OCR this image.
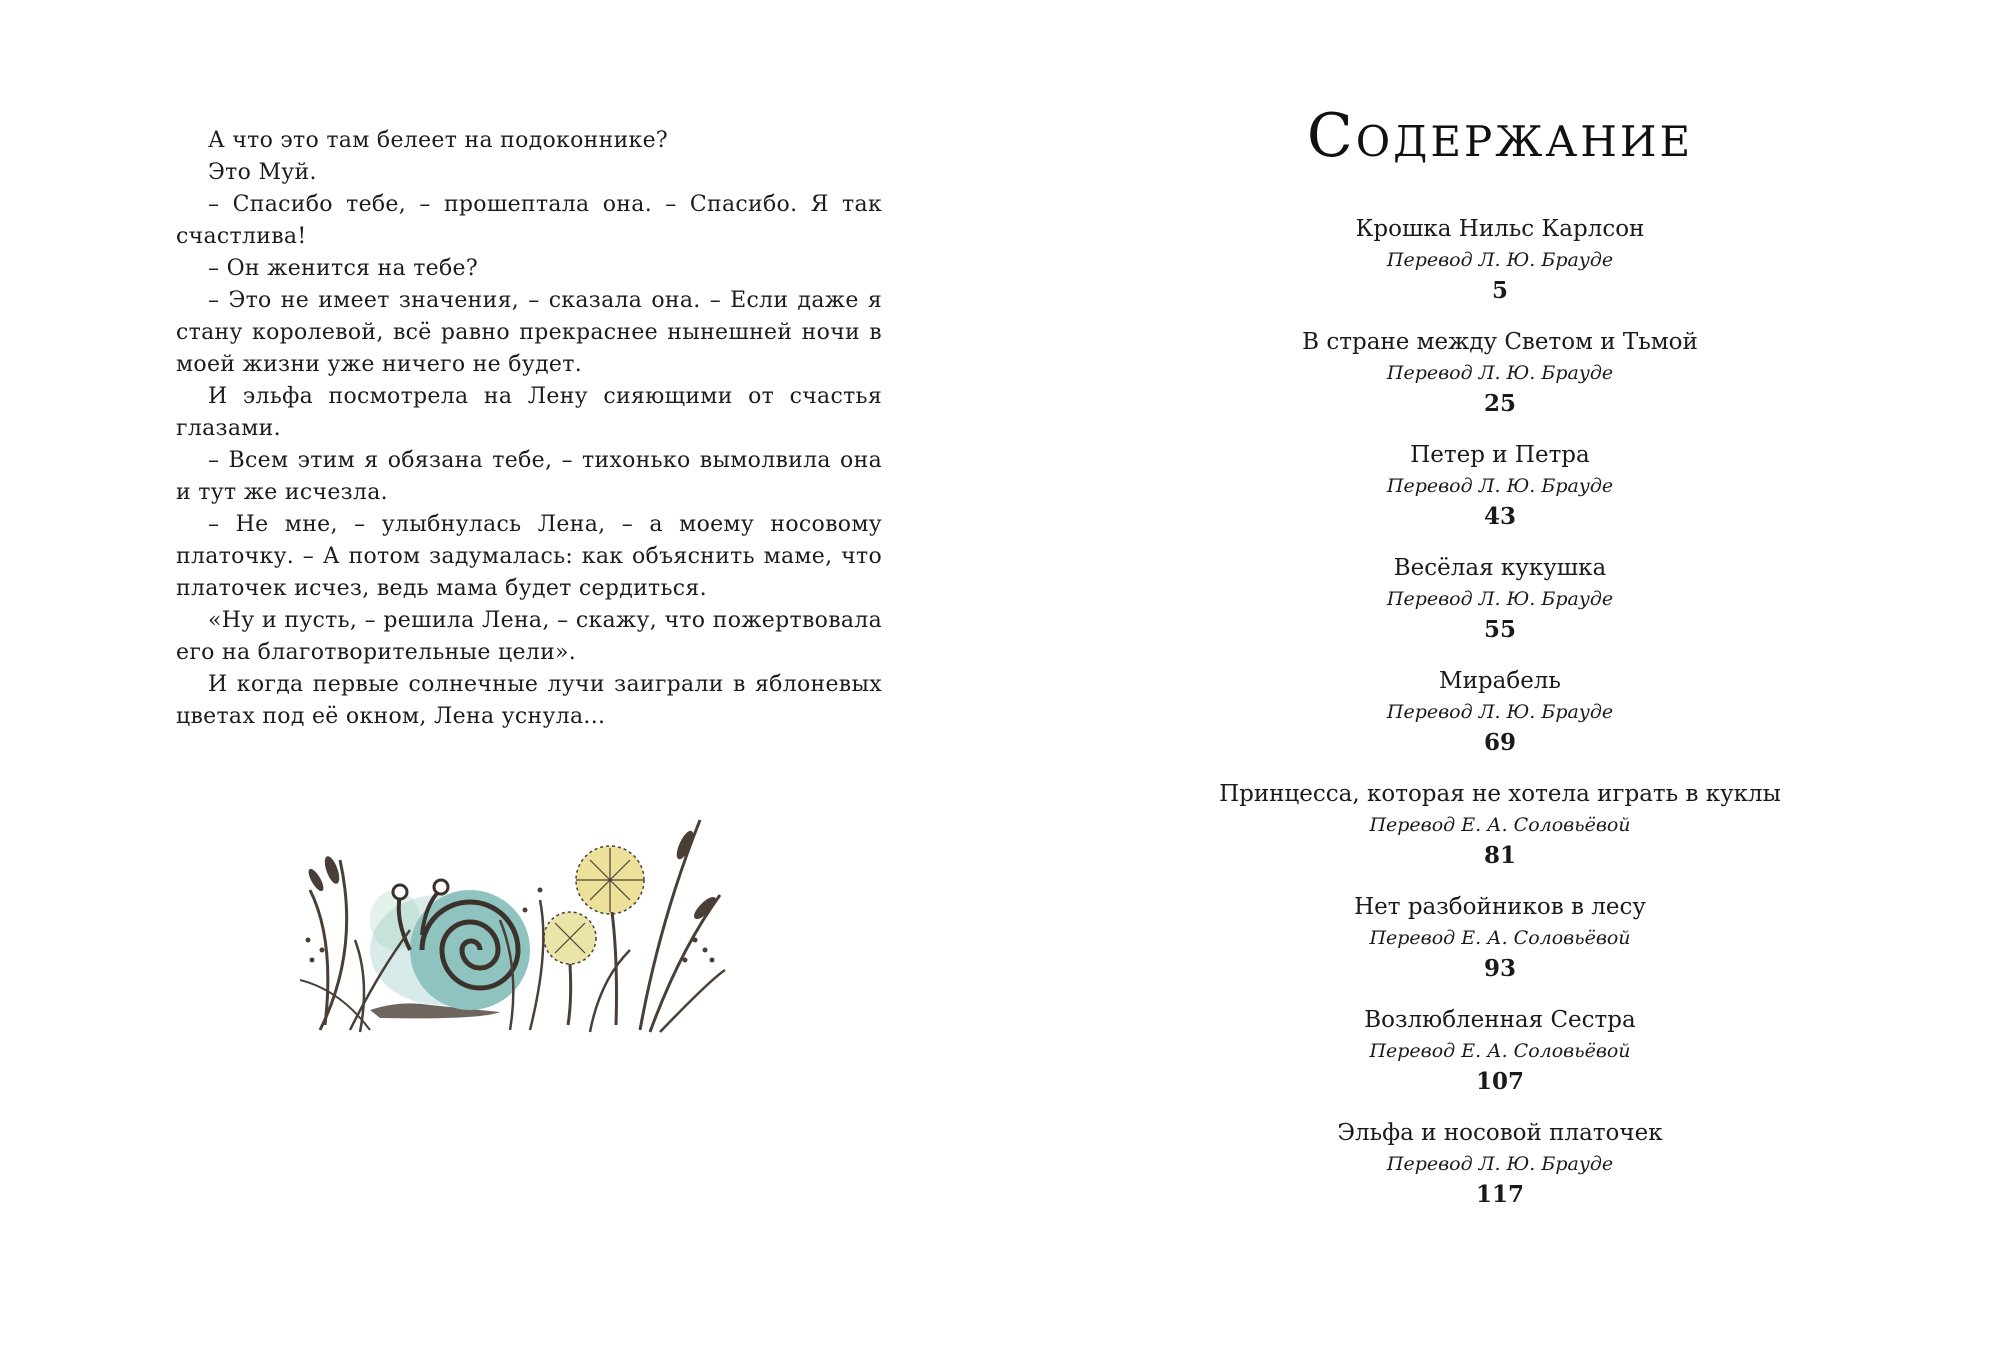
А что это там белеет на подоконнике?

Это Муй.

– Спасибо тебе, – прошептала она. – Спасибо. Я так счастлива!

– Он женится на тебе?

– Это не имеет значения, – сказала она. – Если даже я стану королевой, всё равно прекраснее нынешней ночи в моей жизни уже ничего не будет.

И эльфа посмотрела на Лену сияющими от счастья глазами.

– Всем этим я обязана тебе, – тихонько вымолвила она и тут же исчезла.

– Не мне, – улыбнулась Лена, – а моему носовому платочку. – А потом задумалась: как объяснить маме, что платочек исчез, ведь мама будет сердиться.

«Ну и пусть, – решила Лена, – скажу, что пожертвовала его на благотворительные цели».

И когда первые солнечные лучи заиграли в яблоневых цветах под её окном, Лена уснула...

Содержание
Крошка Нильс Карлсон
Перевод Л. Ю. Брауде
5
В стране между Светом и Тьмой
Перевод Л. Ю. Брауде
25
Петер и Петра
Перевод Л. Ю. Брауде
43
Весёлая кукушка
Перевод Л. Ю. Брауде
55
Мирабель
Перевод Л. Ю. Брауде
69
Принцесса, которая не хотела играть в куклы
Перевод Е. А. Соловьёвой
81
Нет разбойников в лесу
Перевод Е. А. Соловьёвой
93
Возлюбленная Сестра
Перевод Е. А. Соловьёвой
107
Эльфа и носовой платочек
Перевод Л. Ю. Брауде
117
